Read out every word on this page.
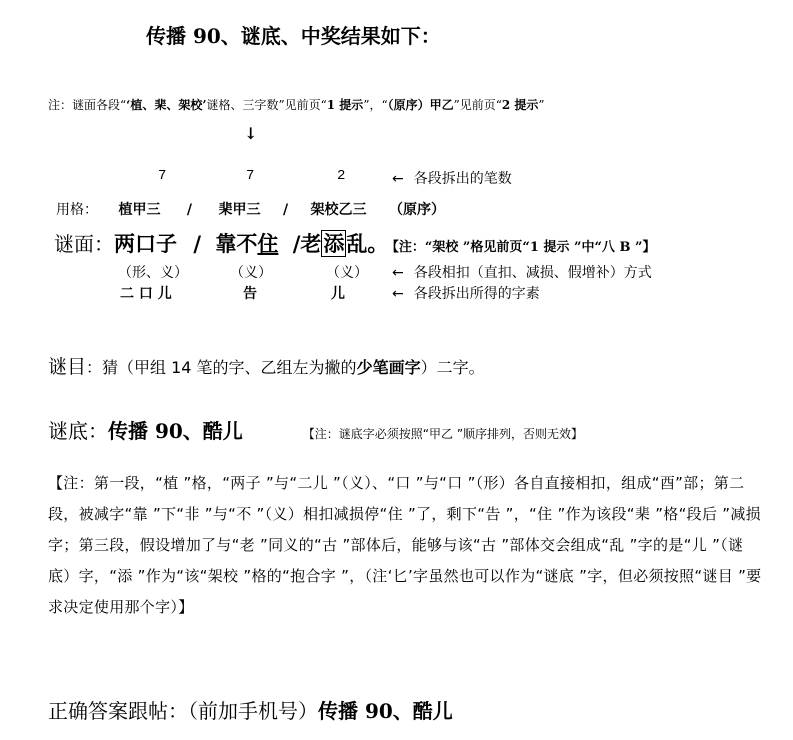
传播 90、谜底、中奖结果如下：
注：谜面各段“‘植、棐、架校’谜格、三字数”见前页“1 提示”，“（原序）甲乙”见前页“2 提示”
↓
7	7	2	← 各段拆出的笔数
用格： 植甲三 / 棐甲三 / 架校乙三 （原序）
谜面：两口子 / 靠不住 /老添乱。 【注：“架校 ”格见前页“1 提示 ”中“八 B ”】
（形、义）	（义）	（义） ← 各段相扣（直扣、减损、假增补）方式
二 口 儿	告	儿	← 各段拆出所得的字素
谜目：猜（甲组 14 笔的字、乙组左为撇的少笔画字）二字。
谜底：传播 90、酷儿	【注：谜底字必须按照“甲乙 ”顺序排列，否则无效】
【注：第一段，“植 ”格，“两子 ”与“二儿 ”（义）、“口 ”与“口 ”（形）各自直接相扣，组成“酉”部；第二段，被减字“靠 ”下“非 ”与“不 ”（义）相扣减损停“住 ”了，剩下“告 ”，“住 ”作为该段“棐 ”格“段后 ”减损字；第三段，假设增加了与“老 ”同义的“古 ”部体后，能够与该“古 ”部体交会组成“乱 ”字的是“儿 ”（谜底）字，“添 ”作为“该“架校 ”格的“抱合字 ”，（注‘匕’字虽然也可以作为“谜底 ”字，但必须按照“谜目 ”要求决定使用那个字）】
正确答案跟帖：（前加手机号）传播 90、酷儿
